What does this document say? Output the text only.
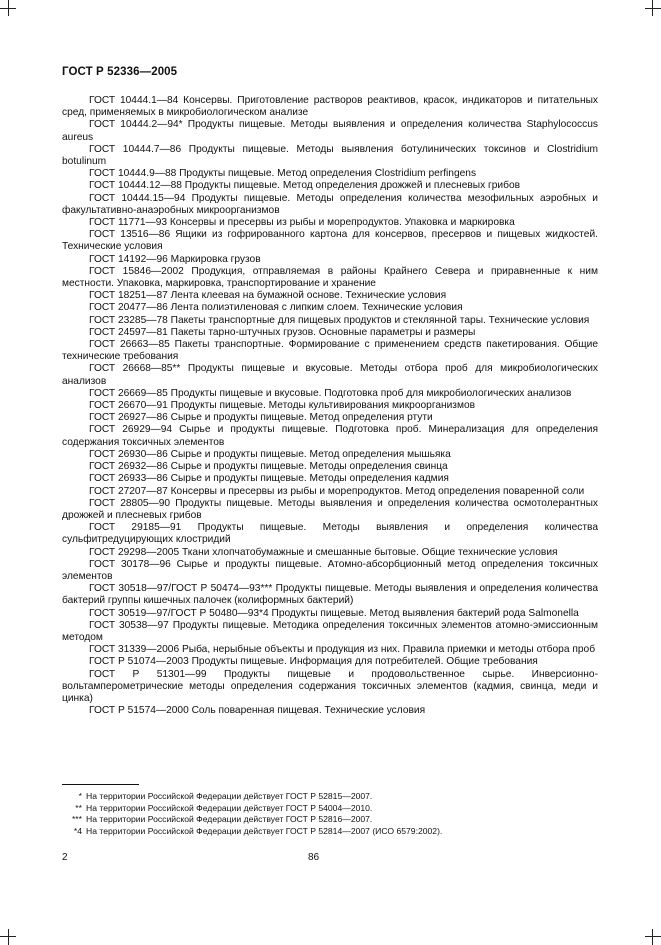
ГОСТ Р 52336—2005

ГОСТ 10444.1—84 Консервы. Приготовление растворов реактивов, красок, индикаторов и питательных сред, применяемых в микробиологическом анализе

ГОСТ 10444.2—94* Продукты пищевые. Методы выявления и определения количества Staphylococcus aureus

ГОСТ 10444.7—86 Продукты пищевые. Методы выявления ботулинических токсинов и Clostridium botulinum

ГОСТ 10444.9—88 Продукты пищевые. Метод определения Clostridium perfingens

ГОСТ 10444.12—88 Продукты пищевые. Метод определения дрожжей и плесневых грибов

ГОСТ 10444.15—94 Продукты пищевые. Методы определения количества мезофильных аэробных и факультативно-анаэробных микроорганизмов

ГОСТ 11771—93 Консервы и пресервы из рыбы и морепродуктов. Упаковка и маркировка

ГОСТ 13516—86 Ящики из гофрированного картона для консервов, пресервов и пищевых жидкостей. Технические условия

ГОСТ 14192—96 Маркировка грузов

ГОСТ 15846—2002 Продукция, отправляемая в районы Крайнего Севера и приравненные к ним местности. Упаковка, маркировка, транспортирование и хранение

ГОСТ 18251—87 Лента клеевая на бумажной основе. Технические условия

ГОСТ 20477—86 Лента полиэтиленовая с липким слоем. Технические условия

ГОСТ 23285—78 Пакеты транспортные для пищевых продуктов и стеклянной тары. Технические условия

ГОСТ 24597—81 Пакеты тарно-штучных грузов. Основные параметры и размеры

ГОСТ 26663—85 Пакеты транспортные. Формирование с применением средств пакетирования. Общие технические требования

ГОСТ 26668—85** Продукты пищевые и вкусовые. Методы отбора проб для микробиологических анализов

ГОСТ 26669—85 Продукты пищевые и вкусовые. Подготовка проб для микробиологических анализов

ГОСТ 26670—91 Продукты пищевые. Методы культивирования микроорганизмов

ГОСТ 26927—86 Сырье и продукты пищевые. Метод определения ртути

ГОСТ 26929—94 Сырье и продукты пищевые. Подготовка проб. Минерализация для определения содержания токсичных элементов

ГОСТ 26930—86 Сырье и продукты пищевые. Метод определения мышьяка

ГОСТ 26932—86 Сырье и продукты пищевые. Методы определения свинца

ГОСТ 26933—86 Сырье и продукты пищевые. Методы определения кадмия

ГОСТ 27207—87 Консервы и пресервы из рыбы и морепродуктов. Метод определения поваренной соли

ГОСТ 28805—90 Продукты пищевые. Методы выявления и определения количества осмотолерантных дрожжей и плесневых грибов

ГОСТ 29185—91 Продукты пищевые. Методы выявления и определения количества сульфитредуцирующих клостридий

ГОСТ 29298—2005 Ткани хлопчатобумажные и смешанные бытовые. Общие технические условия

ГОСТ 30178—96 Сырье и продукты пищевые. Атомно-абсорбционный метод определения токсичных элементов

ГОСТ 30518—97/ГОСТ Р 50474—93*** Продукты пищевые. Методы выявления и определения количества бактерий группы кишечных палочек (колиформных бактерий)

ГОСТ 30519—97/ГОСТ Р 50480—93*4 Продукты пищевые. Метод выявления бактерий рода Salmonella

ГОСТ 30538—97 Продукты пищевые. Методика определения токсичных элементов атомно-эмиссионным методом

ГОСТ 31339—2006 Рыба, нерыбные объекты и продукция из них. Правила приемки и методы отбора проб

ГОСТ Р 51074—2003 Продукты пищевые. Информация для потребителей. Общие требования

ГОСТ Р 51301—99 Продукты пищевые и продовольственное сырье. Инверсионно-вольтамперометрические методы определения содержания токсичных элементов (кадмия, свинца, меди и цинка)

ГОСТ Р 51574—2000 Соль поваренная пищевая. Технические условия

* На территории Российской Федерации действует ГОСТ Р 52815—2007.

** На территории Российской Федерации действует ГОСТ Р 54004—2010.

*** На территории Российской Федерации действует ГОСТ Р 52816—2007.

*4 На территории Российской Федерации действует ГОСТ Р 52814—2007 (ИСО 6579:2002).

2	86
